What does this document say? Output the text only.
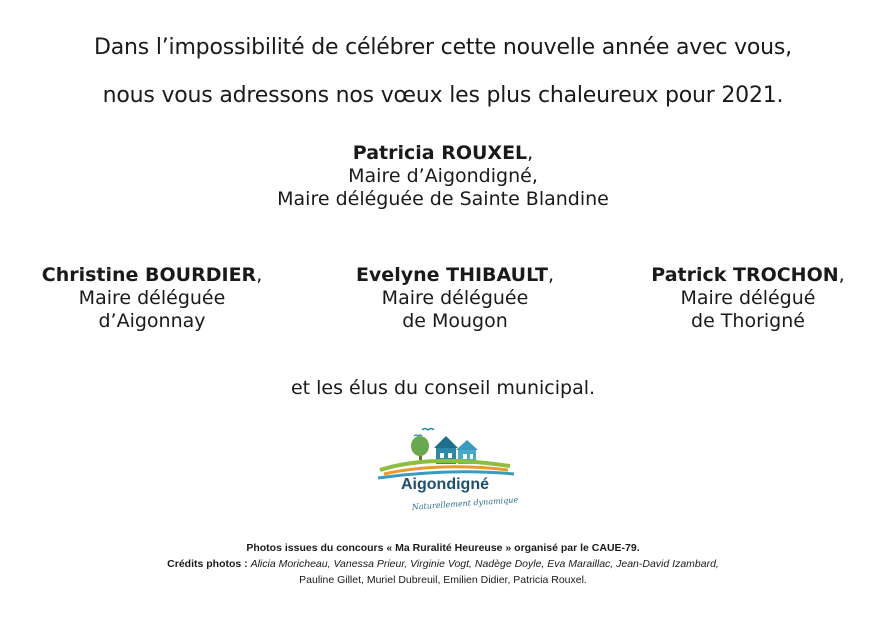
Dans l’impossibilité de célébrer cette nouvelle année avec vous,
nous vous adressons nos vœux les plus chaleureux pour 2021.
Patricia ROUXEL,
Maire d’Aigondigné,
Maire déléguée de Sainte Blandine
Christine BOURDIER,
Maire déléguée
d’Aigonnay
Evelyne THIBAULT,
Maire déléguée
de Mougon
Patrick TROCHON,
Maire délégué
de Thorigné
et les élus du conseil municipal.
Aigondigné
Naturellement dynamique
Photos issues du concours « Ma Ruralité Heureuse » organisé par le CAUE-79.
Crédits photos : Alicia Moricheau, Vanessa Prieur, Virginie Vogt, Nadège Doyle, Eva Maraillac, Jean-David Izambard,
Pauline Gillet, Muriel Dubreuil, Emilien Didier, Patricia Rouxel.
